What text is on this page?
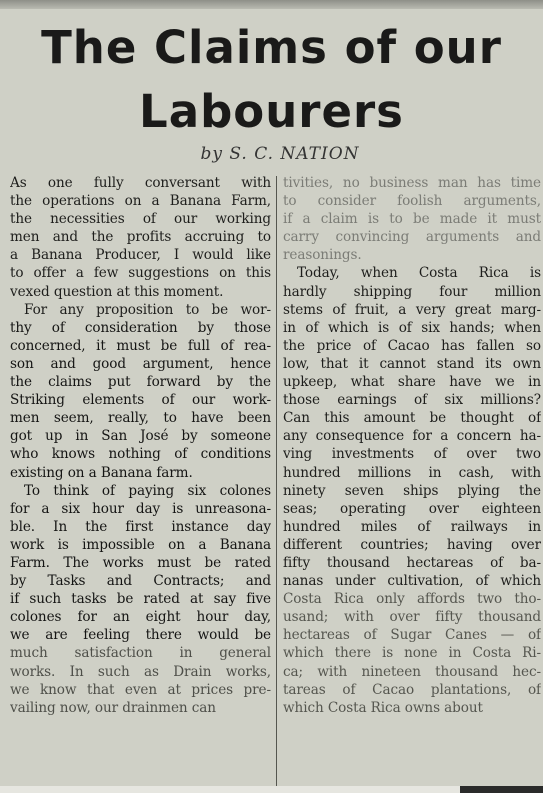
The Claims of our
Labourers
by S. C. NATION
As one fully conversant with
the operations on a Banana Farm,
the necessities of our working
men and the profits accruing to
a Banana Producer, I would like
to offer a few suggestions on this
vexed question at this moment.
For any proposition to be wor-
thy of consideration by those
concerned, it must be full of rea-
son and good argument, hence
the claims put forward by the
Striking elements of our work-
men seem, really, to have been
got up in San José by someone
who knows nothing of conditions
existing on a Banana farm.
To think of paying six colones
for a six hour day is unreasona-
ble. In the first instance day
work is impossible on a Banana
Farm. The works must be rated
by Tasks and Contracts; and
if such tasks be rated at say five
colones for an eight hour day,
we are feeling there would be
much satisfaction in general
works. In such as Drain works,
we know that even at prices pre-
vailing now, our drainmen can
tivities, no business man has time
to consider foolish arguments,
if a claim is to be made it must
carry convincing arguments and
reasonings.
Today, when Costa Rica is
hardly shipping four million
stems of fruit, a very great marg-
in of which is of six hands; when
the price of Cacao has fallen so
low, that it cannot stand its own
upkeep, what share have we in
those earnings of six millions?
Can this amount be thought of
any consequence for a concern ha-
ving investments of over two
hundred millions in cash, with
ninety seven ships plying the
seas; operating over eighteen
hundred miles of railways in
different countries; having over
fifty thousand hectareas of ba-
nanas under cultivation, of which
Costa Rica only affords two tho-
usand; with over fifty thousand
hectareas of Sugar Canes — of
which there is none in Costa Ri-
ca; with nineteen thousand hec-
tareas of Cacao plantations, of
which Costa Rica owns about
